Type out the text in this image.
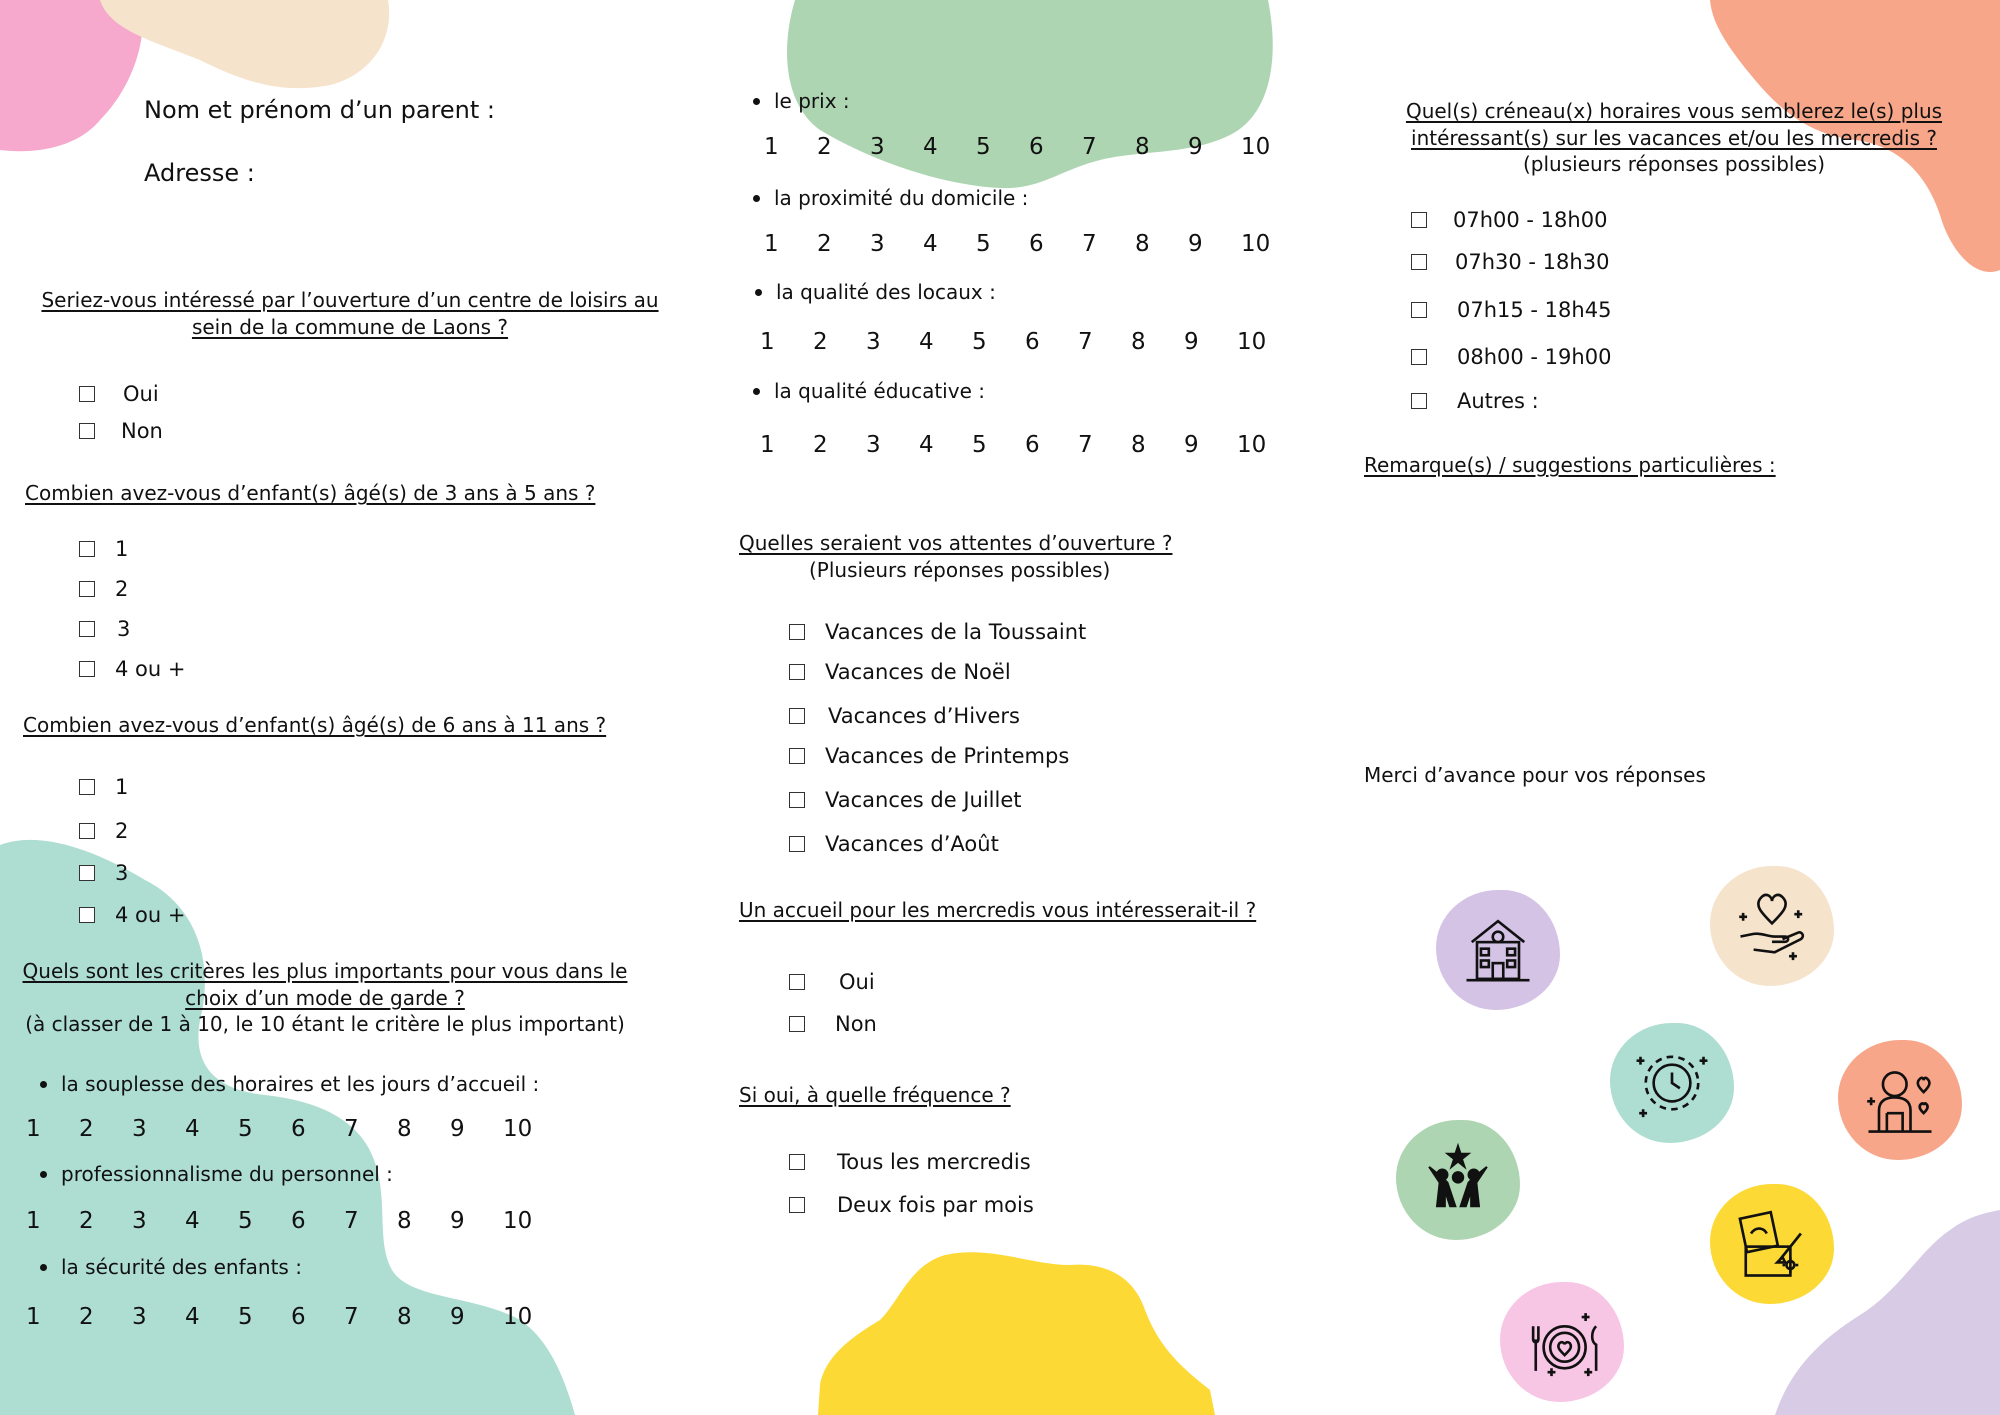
Nom et prénom d’un parent :
Adresse :
Seriez-vous intéressé par l’ouverture d’un centre de loisirs au sein de la commune de Laons ?
Oui
Non
Combien avez-vous d’enfant(s) âgé(s) de 3 ans à 5 ans ?
1
2
3
4 ou +
Combien avez-vous d’enfant(s) âgé(s) de 6 ans à 11 ans ?
1
2
3
4 ou +
Quels sont les critères les plus importants pour vous dans le choix d’un mode de garde ?
(à classer de 1 à 10, le 10 étant le critère le plus important)
la souplesse des horaires et les jours d’accueil :
1	2	3	4	5	6	7	8	9	10
professionnalisme du personnel :
1	2	3	4	5	6	7	8	9	10
la sécurité des enfants :
1	2	3	4	5	6	7	8	9	10
le prix :
1	2	3	4	5	6	7	8	9	10
la proximité du domicile :
1	2	3	4	5	6	7	8	9	10
la qualité des locaux :
1	2	3	4	5	6	7	8	9	10
la qualité éducative :
1	2	3	4	5	6	7	8	9	10
Quelles seraient vos attentes d’ouverture ?
(Plusieurs réponses possibles)
Vacances de la Toussaint
Vacances de Noël
Vacances d’Hivers
Vacances de Printemps
Vacances de Juillet
Vacances d’Août
Un accueil pour les mercredis vous intéresserait-il ?
Oui
Non
Si oui, à quelle fréquence ?
Tous les mercredis
Deux fois par mois
Quel(s) créneau(x) horaires vous semblerez le(s) plus intéressant(s) sur les vacances et/ou les mercredis ?
(plusieurs réponses possibles)
07h00 - 18h00
07h30 - 18h30
07h15 - 18h45
08h00 - 19h00
Autres :
Remarque(s) / suggestions particulières :
Merci d’avance pour vos réponses
